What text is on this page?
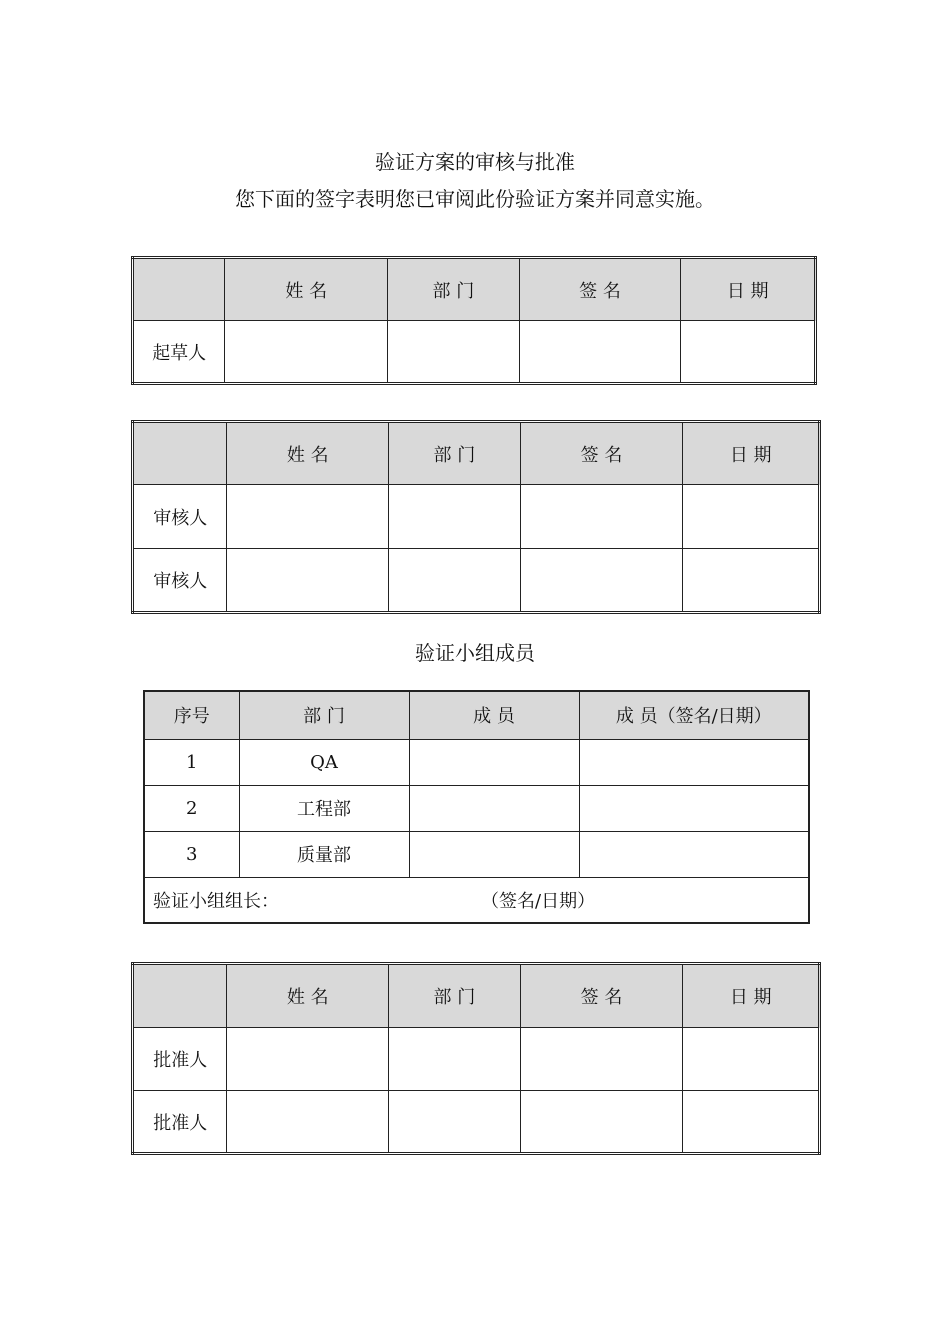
验证方案的审核与批准
您下面的签字表明您已审阅此份验证方案并同意实施。
	姓 名	部 门	签 名	日 期
起草人				
	姓 名	部 门	签 名	日 期
审核人				
审核人				
验证小组成员
序号	部 门	成 员	成 员（签名/日期）
1	QA		
2	工程部		
3	质量部		

验证小组组长： （签名/日期）			
	姓 名	部 门	签 名	日 期
批准人				
批准人				
